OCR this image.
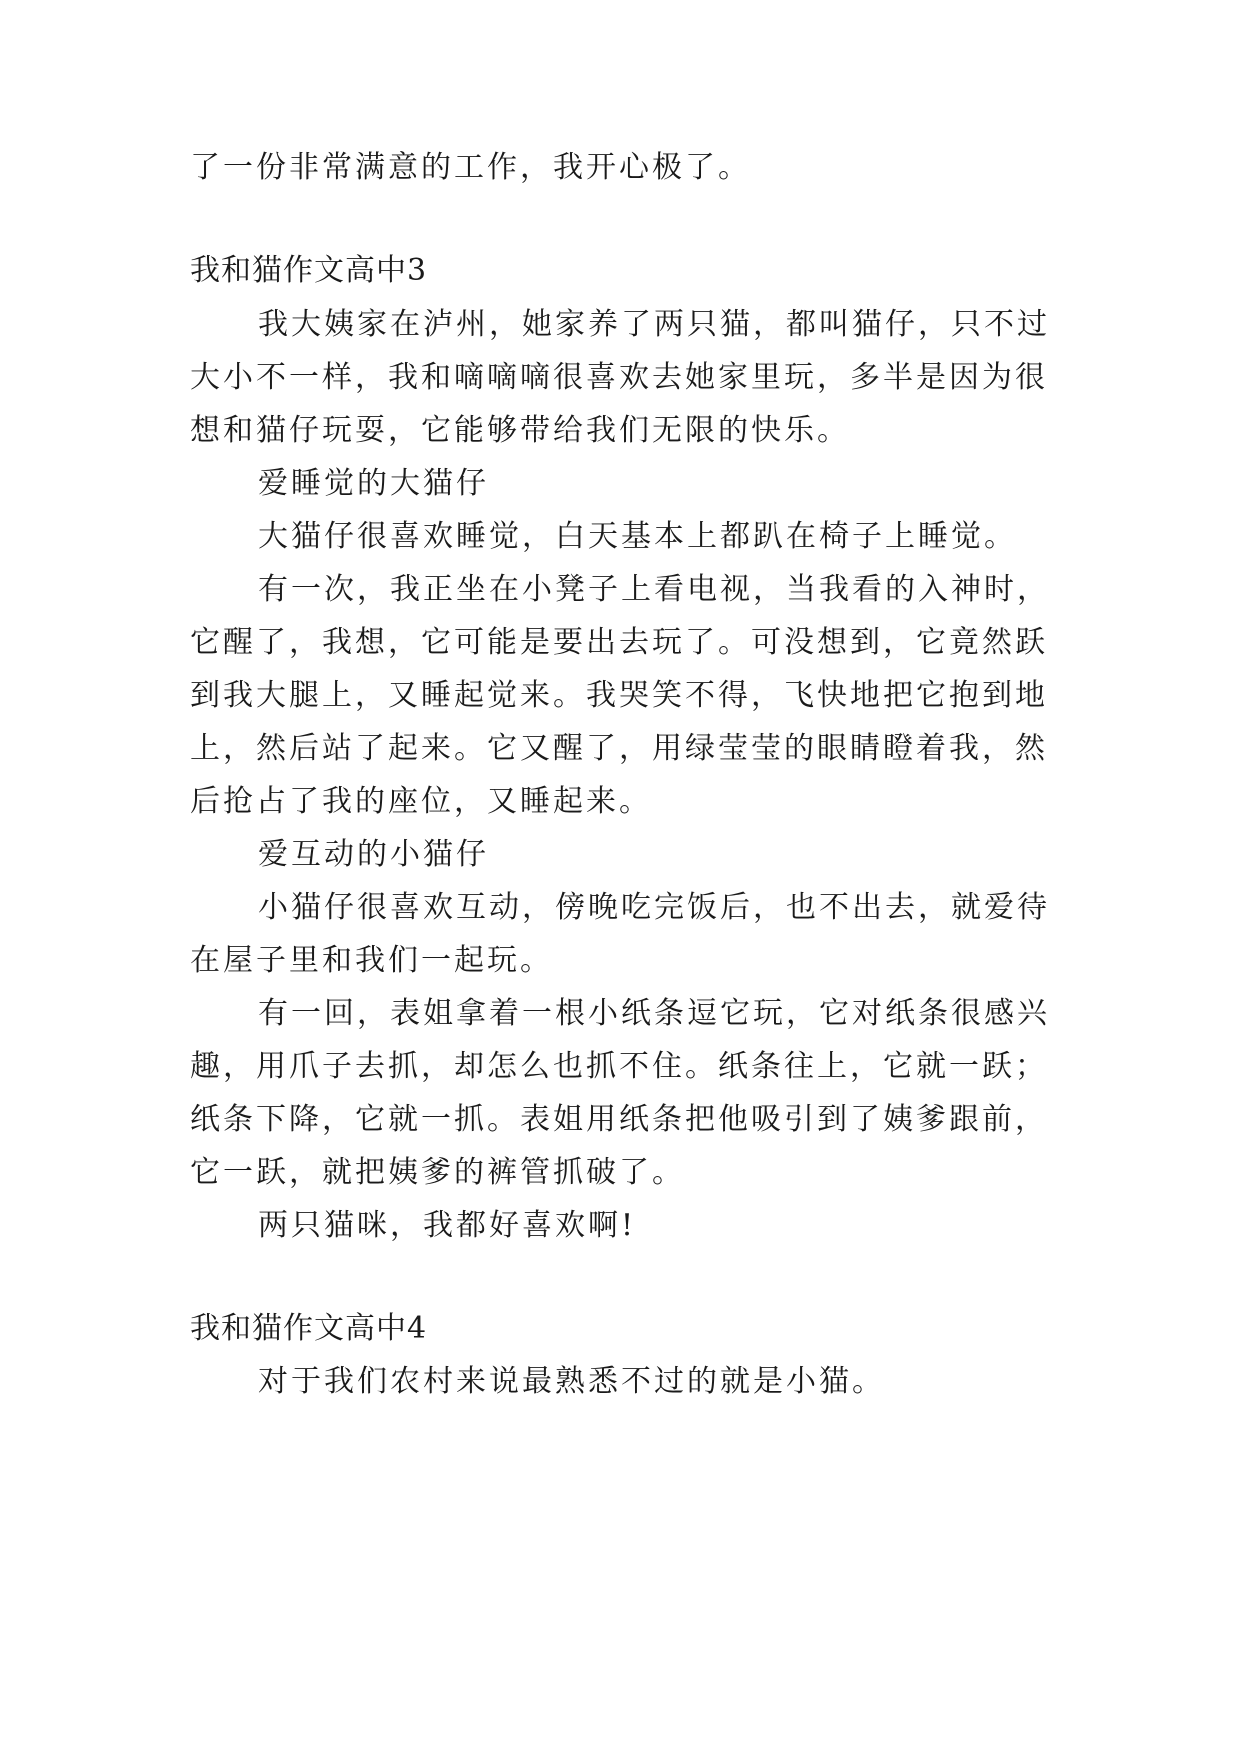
了一份非常满意的工作，我开心极了。

我和猫作文高中3

我大姨家在泸州，她家养了两只猫，都叫猫仔，只不过

大小不一样，我和嘀嘀嘀很喜欢去她家里玩，多半是因为很

想和猫仔玩耍，它能够带给我们无限的快乐。

爱睡觉的大猫仔

大猫仔很喜欢睡觉，白天基本上都趴在椅子上睡觉。

有一次，我正坐在小凳子上看电视，当我看的入神时，

它醒了，我想，它可能是要出去玩了。可没想到，它竟然跃

到我大腿上，又睡起觉来。我哭笑不得，飞快地把它抱到地

上，然后站了起来。它又醒了，用绿莹莹的眼睛瞪着我，然

后抢占了我的座位，又睡起来。

爱互动的小猫仔

小猫仔很喜欢互动，傍晚吃完饭后，也不出去，就爱待

在屋子里和我们一起玩。

有一回，表姐拿着一根小纸条逗它玩，它对纸条很感兴

趣，用爪子去抓，却怎么也抓不住。纸条往上，它就一跃；

纸条下降，它就一抓。表姐用纸条把他吸引到了姨爹跟前，

它一跃，就把姨爹的裤管抓破了。

两只猫咪，我都好喜欢啊!

我和猫作文高中4

对于我们农村来说最熟悉不过的就是小猫。
